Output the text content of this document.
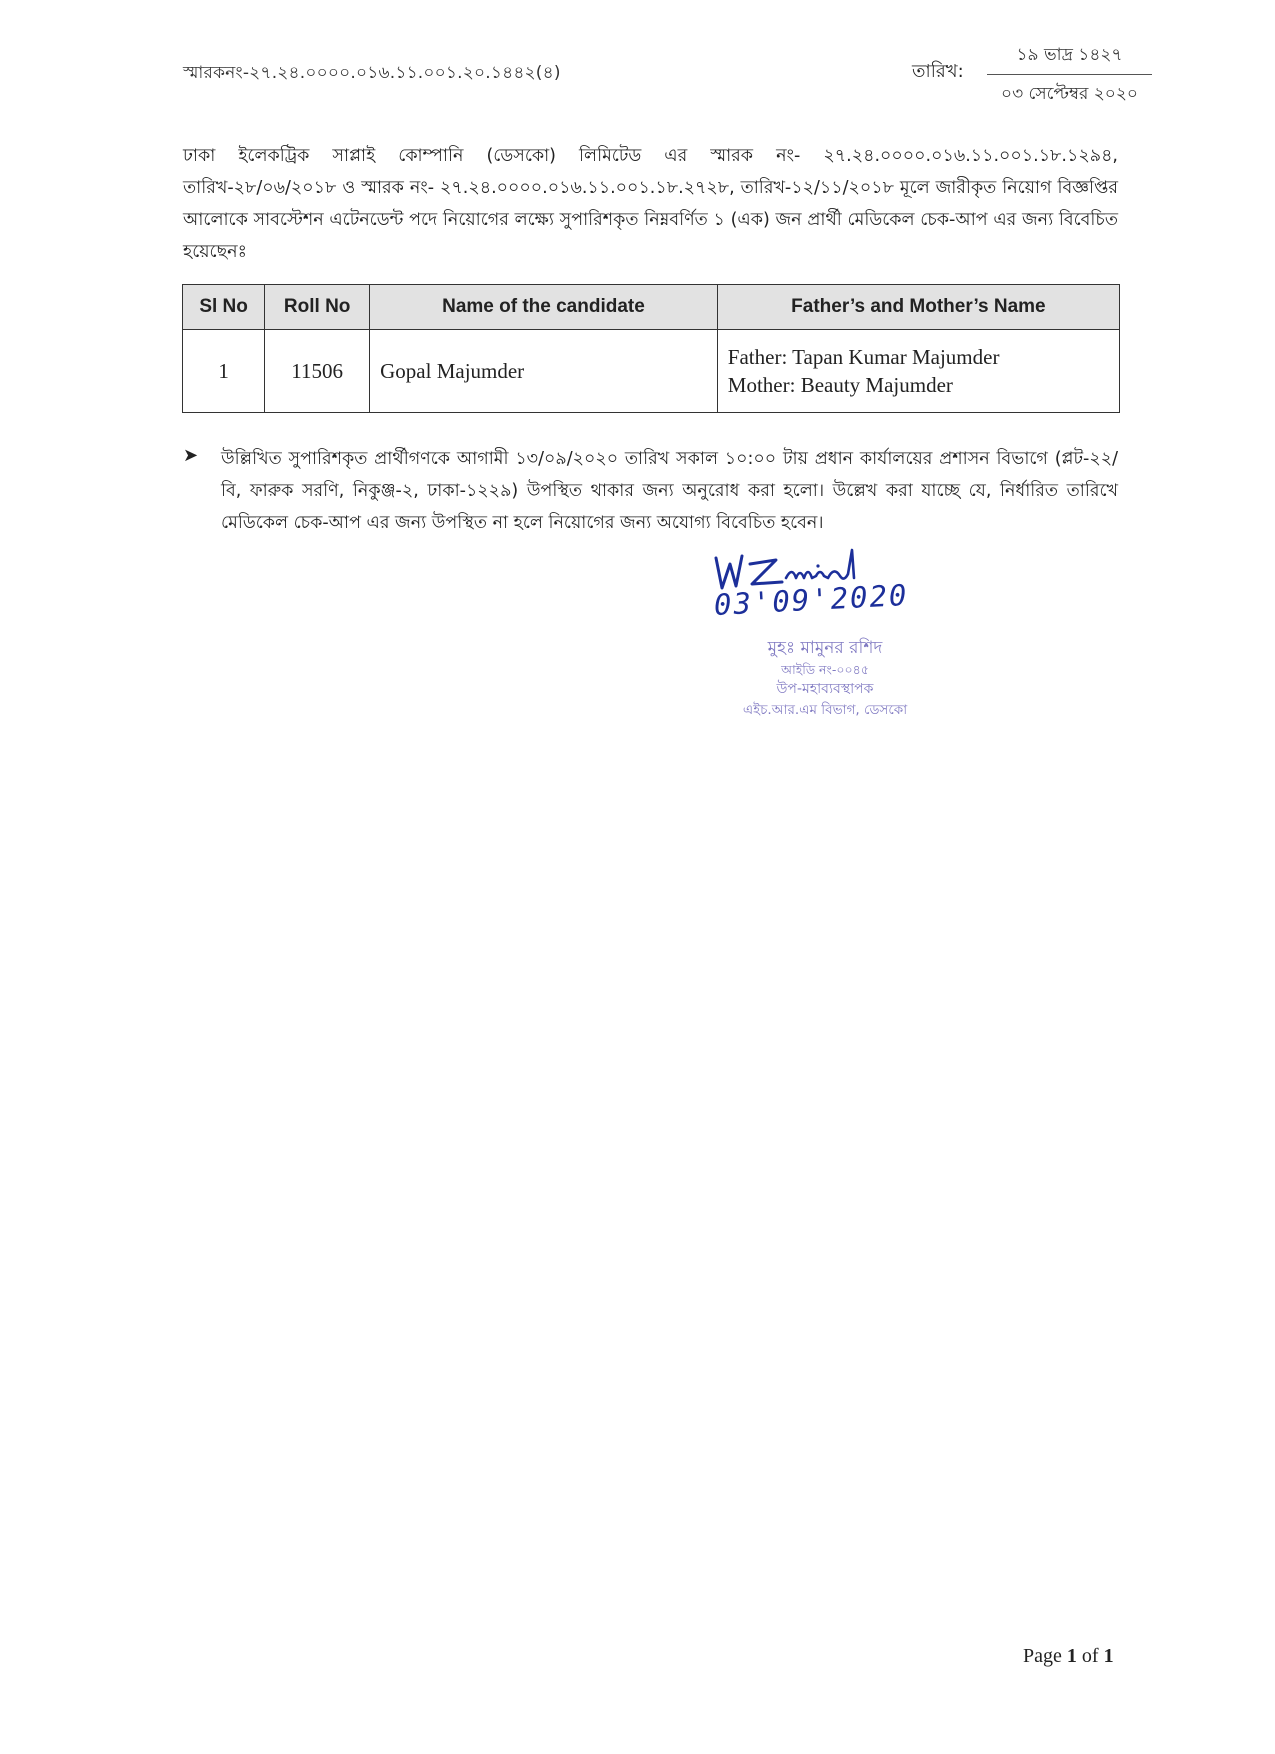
স্মারকনং-২৭.২৪.০০০০.০১৬.১১.০০১.২০.১৪৪২(৪)	তারিখ:
১৯ ভাদ্র ১৪২৭
০৩ সেপ্টেম্বর ২০২০
ঢাকা ইলেকট্রিক সাপ্লাই কোম্পানি (ডেসকো) লিমিটেড এর স্মারক নং- ২৭.২৪.০০০০.০১৬.১১.০০১.১৮.১২৯৪, তারিখ-২৮/০৬/২০১৮ ও স্মারক নং- ২৭.২৪.০০০০.০১৬.১১.০০১.১৮.২৭২৮, তারিখ-১২/১১/২০১৮ মূলে জারীকৃত নিয়োগ বিজ্ঞপ্তির আলোকে সাবস্টেশন এটেনডেন্ট পদে নিয়োগের লক্ষ্যে সুপারিশকৃত নিম্নবর্ণিত ১ (এক) জন প্রার্থী মেডিকেল চেক-আপ এর জন্য বিবেচিত হয়েছেনঃ
Sl No	Roll No	Name of the candidate	Father’s and Mother’s Name
1	11506	Gopal Majumder	Father: Tapan Kumar Majumder
Mother: Beauty Majumder
➤ উল্লিখিত সুপারিশকৃত প্রার্থীগণকে আগামী ১৩/০৯/২০২০ তারিখ সকাল ১০:০০ টায় প্রধান কার্যালয়ের প্রশাসন বিভাগে (প্লট-২২/বি, ফারুক সরণি, নিকুঞ্জ-২, ঢাকা-১২২৯) উপস্থিত থাকার জন্য অনুরোধ করা হলো। উল্লেখ করা যাচ্ছে যে, নির্ধারিত তারিখে মেডিকেল চেক-আপ এর জন্য উপস্থিত না হলে নিয়োগের জন্য অযোগ্য বিবেচিত হবেন।
03'09'2020
মুহঃ মামুনর রশিদ
আইডি নং-০০৪৫
উপ-মহাব্যবস্থাপক
এইচ.আর.এম বিভাগ, ডেসকো
Page 1 of 1
